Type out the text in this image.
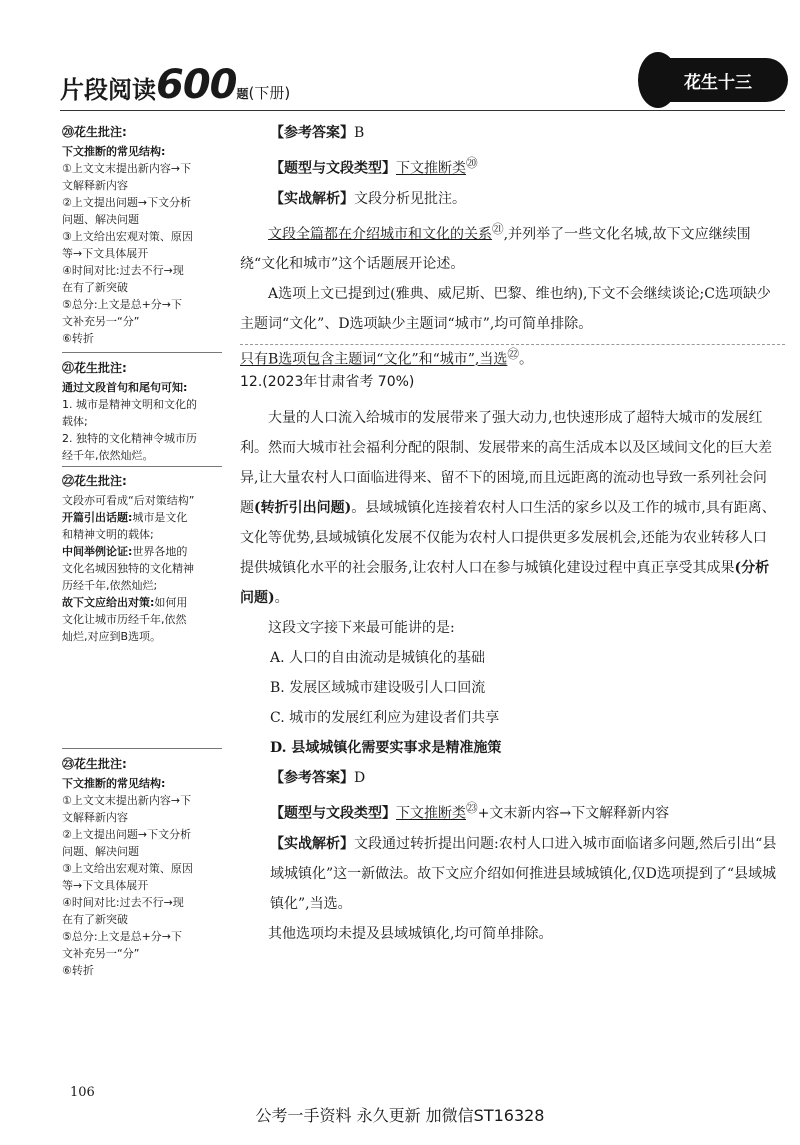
片段阅读600题(下册)
花生十三
⑳花生批注:
下文推断的常见结构:
①上文文末提出新内容→下
文解释新内容
②上文提出问题→下文分析
问题、解决问题
③上文给出宏观对策、原因
等→下文具体展开
④时间对比:过去不行→现
在有了新突破
⑤总分:上文是总+分→下
文补充另一“分”
⑥转折
㉑花生批注:
通过文段首句和尾句可知:
1. 城市是精神文明和文化的
载体;
2. 独特的文化精神令城市历
经千年,依然灿烂。
㉒花生批注:
文段亦可看成“后对策结构”
开篇引出话题:城市是文化
和精神文明的载体;
中间举例论证:世界各地的
文化名城因独特的文化精神
历经千年,依然灿烂;
故下文应给出对策:如何用
文化让城市历经千年,依然
灿烂,对应到B选项。
㉓花生批注:
下文推断的常见结构:
①上文文末提出新内容→下
文解释新内容
②上文提出问题→下文分析
问题、解决问题
③上文给出宏观对策、原因
等→下文具体展开
④时间对比:过去不行→现
在有了新突破
⑤总分:上文是总+分→下
文补充另一“分”
⑥转折

【参考答案】B

【题型与文段类型】下文推断类⑳

【实战解析】文段分析见批注。

文段全篇都在介绍城市和文化的关系$^㉑$,并列举了一些文化名城,故下文应继续围绕“文化和城市”这个话题展开论述。

A选项上文已提到过(雅典、威尼斯、巴黎、维也纳),下文不会继续谈论;C选项缺少主题词“文化”、D选项缺少主题词“城市”,均可简单排除。

只有B选项包含主题词“文化”和“城市”,当选$^㉒$。

12.(2023年甘肃省考 70%)

大量的人口流入给城市的发展带来了强大动力,也快速形成了超特大城市的发展红利。然而大城市社会福利分配的限制、发展带来的高生活成本以及区域间文化的巨大差异,让大量农村人口面临进得来、留不下的困境,而且远距离的流动也导致一系列社会问题(转折引出问题)。县域城镇化连接着农村人口生活的家乡以及工作的城市,具有距离、文化等优势,县域城镇化发展不仅能为农村人口提供更多发展机会,还能为农业转移人口提供城镇化水平的社会服务,让农村人口在参与城镇化建设过程中真正享受其成果(分析问题)。

这段文字接下来最可能讲的是:

A. 人口的自由流动是城镇化的基础

B. 发展区域城市建设吸引人口回流

C. 城市的发展红利应为建设者们共享

D. 县域城镇化需要实事求是精准施策

【参考答案】D

【题型与文段类型】下文推断类$^㉓$+文末新内容→下文解释新内容

【实战解析】文段通过转折提出问题:农村人口进入城市面临诸多问题,然后引出“县域城镇化”这一新做法。故下文应介绍如何推进县域城镇化,仅D选项提到了“县域城镇化”,当选。

其他选项均未提及县域城镇化,均可简单排除。

106
公考一手资料 永久更新 加微信ST16328
